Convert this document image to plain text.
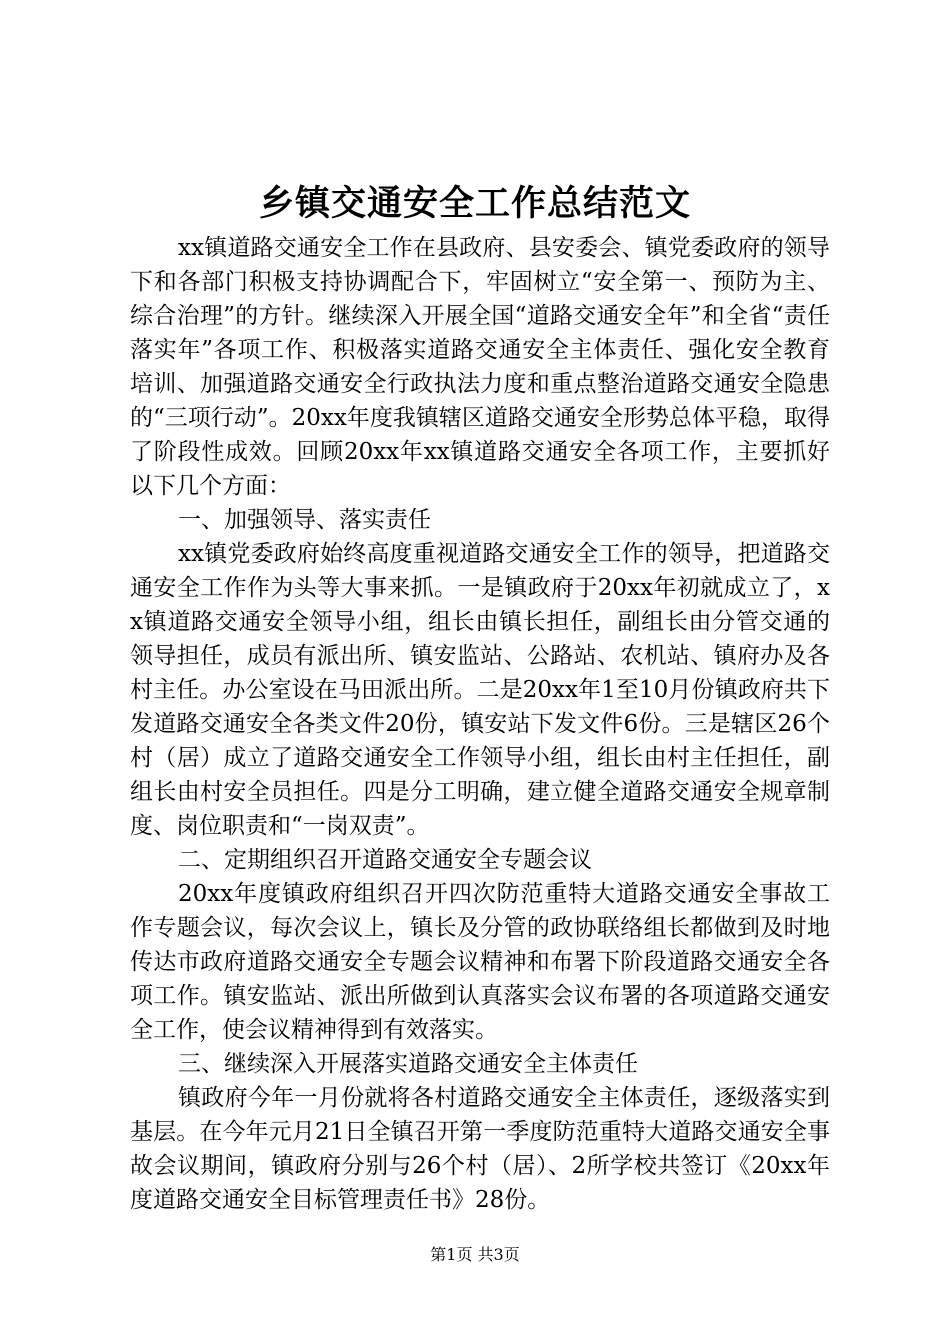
乡镇交通安全工作总结范文

xx镇道路交通安全工作在县政府、县安委会、镇党委政府的领导下和各部门积极支持协调配合下，牢固树立“安全第一、预防为主、综合治理”的方针。继续深入开展全国“道路交通安全年”和全省“责任落实年”各项工作、积极落实道路交通安全主体责任、强化安全教育培训、加强道路交通安全行政执法力度和重点整治道路交通安全隐患的“三项行动”。20xx年度我镇辖区道路交通安全形势总体平稳，取得了阶段性成效。回顾20xx年xx镇道路交通安全各项工作，主要抓好以下几个方面：

一、加强领导、落实责任

xx镇党委政府始终高度重视道路交通安全工作的领导，把道路交通安全工作作为头等大事来抓。一是镇政府于20xx年初就成立了，xx镇道路交通安全领导小组，组长由镇长担任，副组长由分管交通的领导担任，成员有派出所、镇安监站、公路站、农机站、镇府办及各村主任。办公室设在马田派出所。二是20xx年1至10月份镇政府共下发道路交通安全各类文件20份，镇安站下发文件6份。三是辖区26个村（居）成立了道路交通安全工作领导小组，组长由村主任担任，副组长由村安全员担任。四是分工明确，建立健全道路交通安全规章制度、岗位职责和“一岗双责”。

二、定期组织召开道路交通安全专题会议

20xx年度镇政府组织召开四次防范重特大道路交通安全事故工作专题会议，每次会议上，镇长及分管的政协联络组长都做到及时地传达市政府道路交通安全专题会议精神和布署下阶段道路交通安全各项工作。镇安监站、派出所做到认真落实会议布署的各项道路交通安全工作，使会议精神得到有效落实。

三、继续深入开展落实道路交通安全主体责任

镇政府今年一月份就将各村道路交通安全主体责任，逐级落实到基层。在今年元月21日全镇召开第一季度防范重特大道路交通安全事故会议期间，镇政府分别与26个村（居）、2所学校共签订《20xx年度道路交通安全目标管理责任书》28份。

第1页 共3页
